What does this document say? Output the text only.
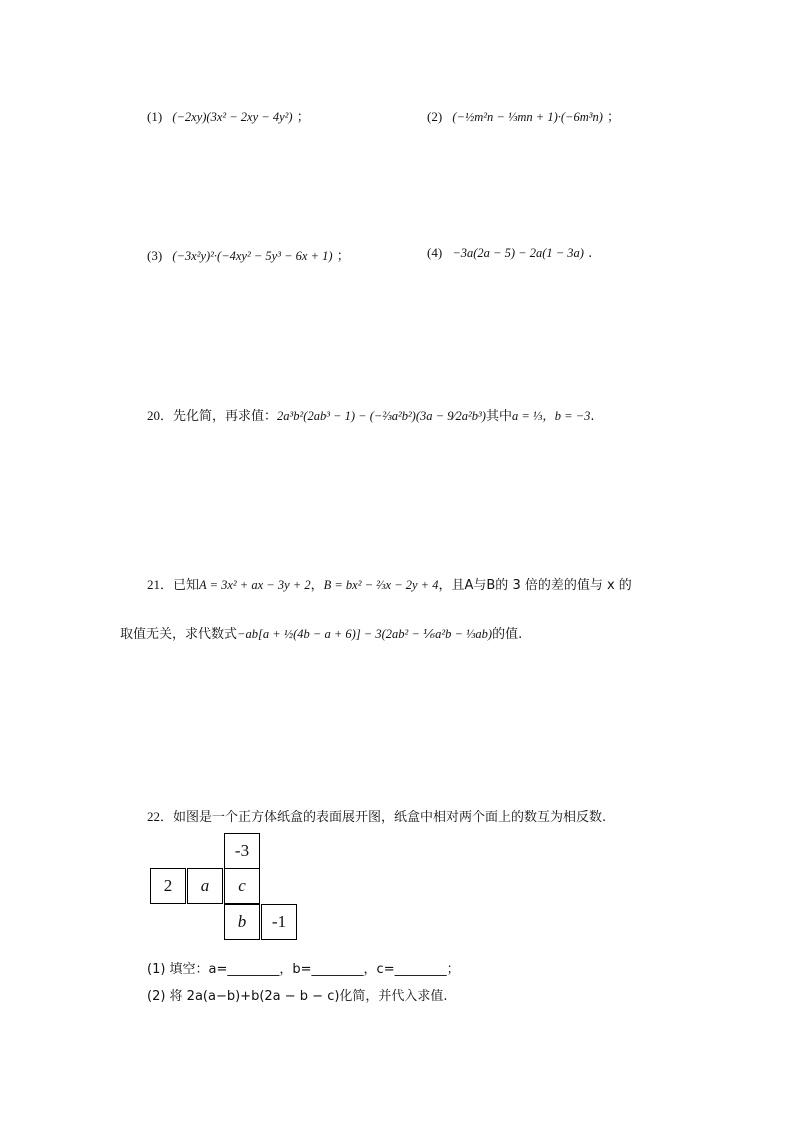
(1) (−2xy)(3x² − 2xy − 4y²) ；	(2) (−½m²n − ⅓mn + 1)·(−6m³n) ；
(3) (−3x²y)²·(−4xy² − 5y³ − 6x + 1) ；	(4) −3a(2a − 5) − 2a(1 − 3a) .
20．先化简，再求值：2a³b²(2ab³ − 1) − (−⅔a²b²)(3a − 9⁄2a²b³)其中a = ⅓，b = −3.
21．已知A = 3x² + ax − 3y + 2，B = bx² − ⅔x − 2y + 4，且A与B的 3 倍的差的值与 x 的
取值无关，求代数式−ab[a + ½(4b − a + 6)] − 3(2ab² − ⅙a²b − ⅓ab)的值.
22．如图是一个正方体纸盒的表面展开图，纸盒中相对两个面上的数互为相反数.
-3
2	a	c
b	-1
(1) 填空：a=________，b=________，c=________；
(2) 将 2a(a−b)+b(2a − b − c)化简，并代入求值.
